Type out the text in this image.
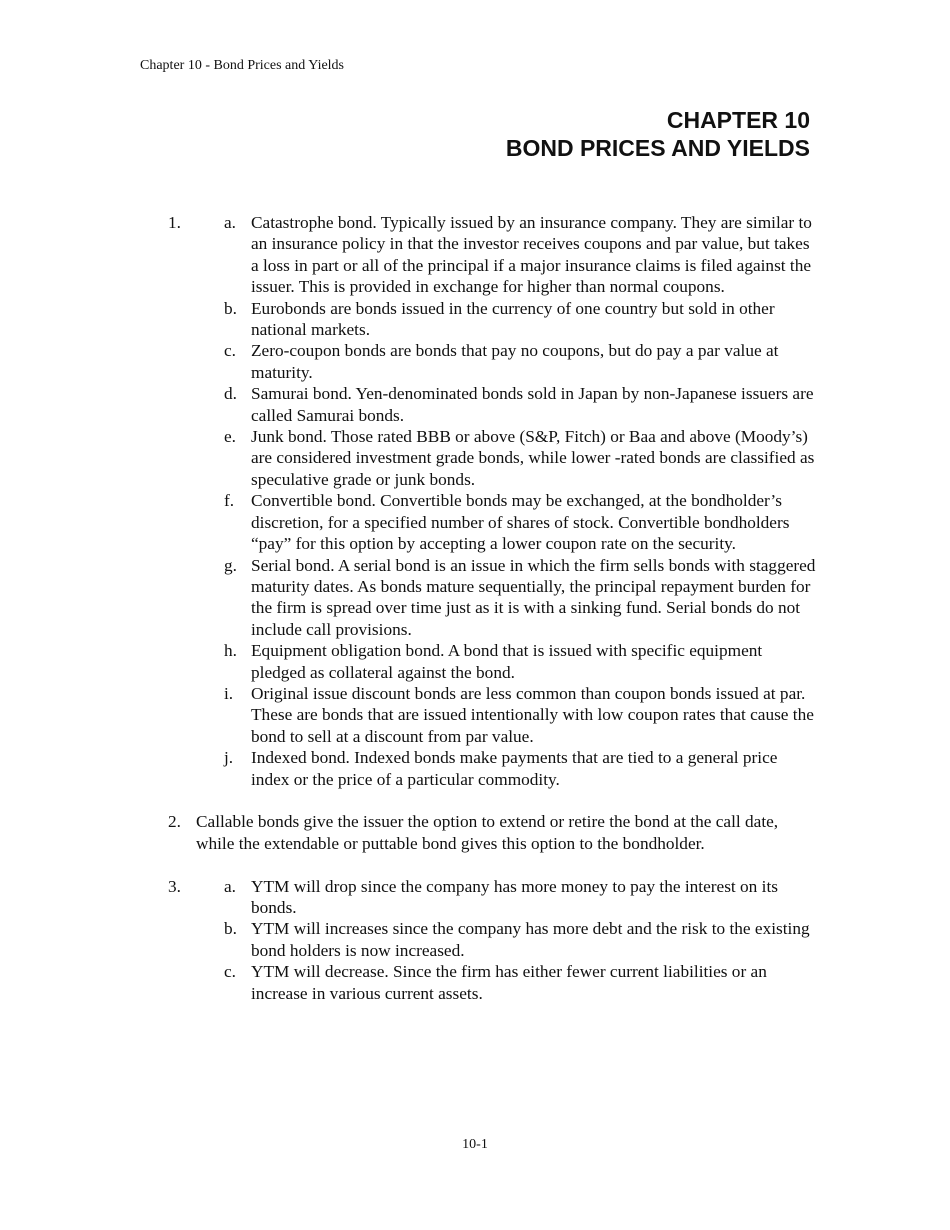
Chapter 10 - Bond Prices and Yields
CHAPTER 10
BOND PRICES AND YIELDS
1. a. Catastrophe bond. Typically issued by an insurance company. They are similar to an insurance policy in that the investor receives coupons and par value, but takes a loss in part or all of the principal if a major insurance claims is filed against the issuer. This is provided in exchange for higher than normal coupons.
b. Eurobonds are bonds issued in the currency of one country but sold in other national markets.
c. Zero-coupon bonds are bonds that pay no coupons, but do pay a par value at maturity.
d. Samurai bond. Yen-denominated bonds sold in Japan by non-Japanese issuers are called Samurai bonds.
e. Junk bond. Those rated BBB or above (S&P, Fitch) or Baa and above (Moody’s) are considered investment grade bonds, while lower -rated bonds are classified as speculative grade or junk bonds.
f. Convertible bond. Convertible bonds may be exchanged, at the bondholder’s discretion, for a specified number of shares of stock. Convertible bondholders “pay” for this option by accepting a lower coupon rate on the security.
g. Serial bond. A serial bond is an issue in which the firm sells bonds with staggered maturity dates. As bonds mature sequentially, the principal repayment burden for the firm is spread over time just as it is with a sinking fund. Serial bonds do not include call provisions.
h. Equipment obligation bond. A bond that is issued with specific equipment pledged as collateral against the bond.
i. Original issue discount bonds are less common than coupon bonds issued at par. These are bonds that are issued intentionally with low coupon rates that cause the bond to sell at a discount from par value.
j. Indexed bond. Indexed bonds make payments that are tied to a general price index or the price of a particular commodity.
2. Callable bonds give the issuer the option to extend or retire the bond at the call date, while the extendable or puttable bond gives this option to the bondholder.
3. a. YTM will drop since the company has more money to pay the interest on its bonds.
b. YTM will increases since the company has more debt and the risk to the existing bond holders is now increased.
c. YTM will decrease. Since the firm has either fewer current liabilities or an increase in various current assets.
10-1
